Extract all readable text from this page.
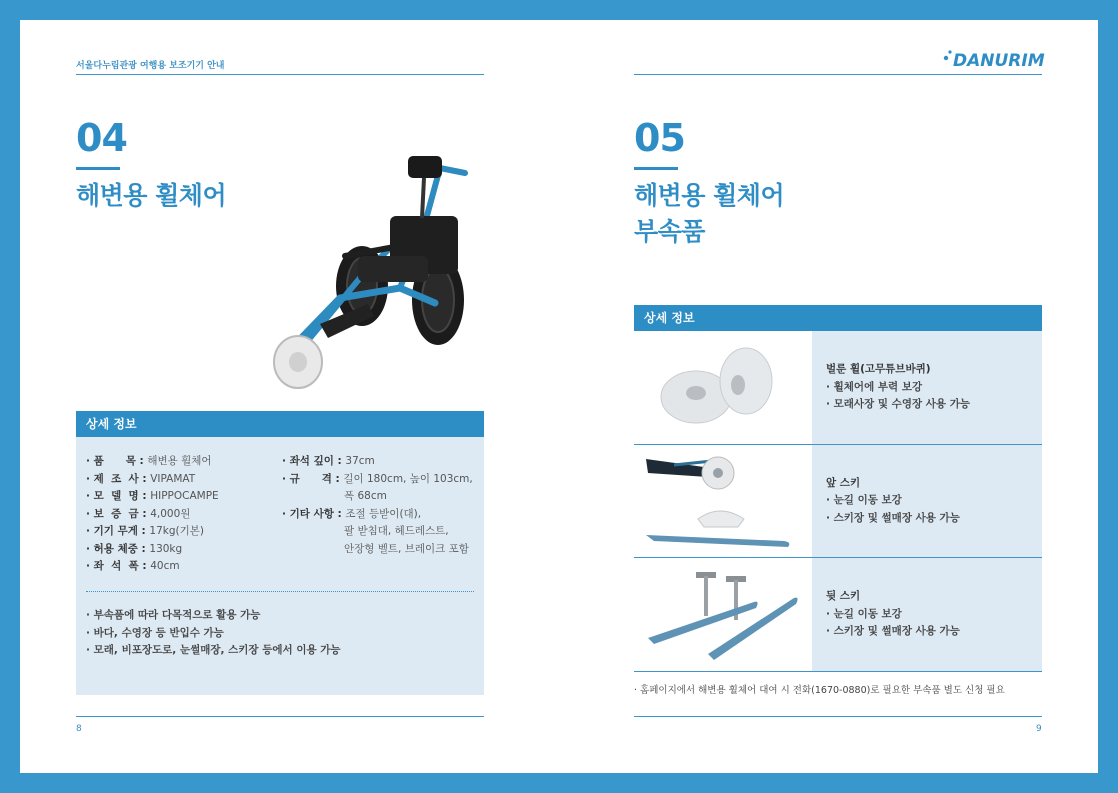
서울다누림관광 여행용 보조기기 안내
04
해변용 휠체어
상세 정보
· 품      목 : 해변용 휠체어
· 제  조  사 : VIPAMAT
· 모  델  명 : HIPPOCAMPE
· 보  증  금 : 4,000원
· 기기 무게 : 17kg(기본)
· 허용 체중 : 130kg
· 좌  석  폭 : 40cm
· 좌석 깊이 : 37cm
· 규      격 : 길이 180cm, 높이 103cm,
폭 68cm
· 기타 사항 : 조절 등받이(대),
팔 받침대, 헤드레스트,
안장형 벨트, 브레이크 포함
· 부속품에 따라 다목적으로 활용 가능
· 바다, 수영장 등 반입수 가능
· 모래, 비포장도로, 눈썰매장, 스키장 등에서 이용 가능
8
DANURIM
05
해변용 휠체어
부속품
상세 정보
벌룬 휠(고무튜브바퀴)
· 휠체어에 부력 보강
· 모래사장 및 수영장 사용 가능
앞 스키
· 눈길 이동 보강
· 스키장 및 썰매장 사용 가능
뒷 스키
· 눈길 이동 보강
· 스키장 및 썰매장 사용 가능
· 홈페이지에서 해변용 휠체어 대여 시 전화(1670-0880)로 필요한 부속품 별도 신청 필요
9
